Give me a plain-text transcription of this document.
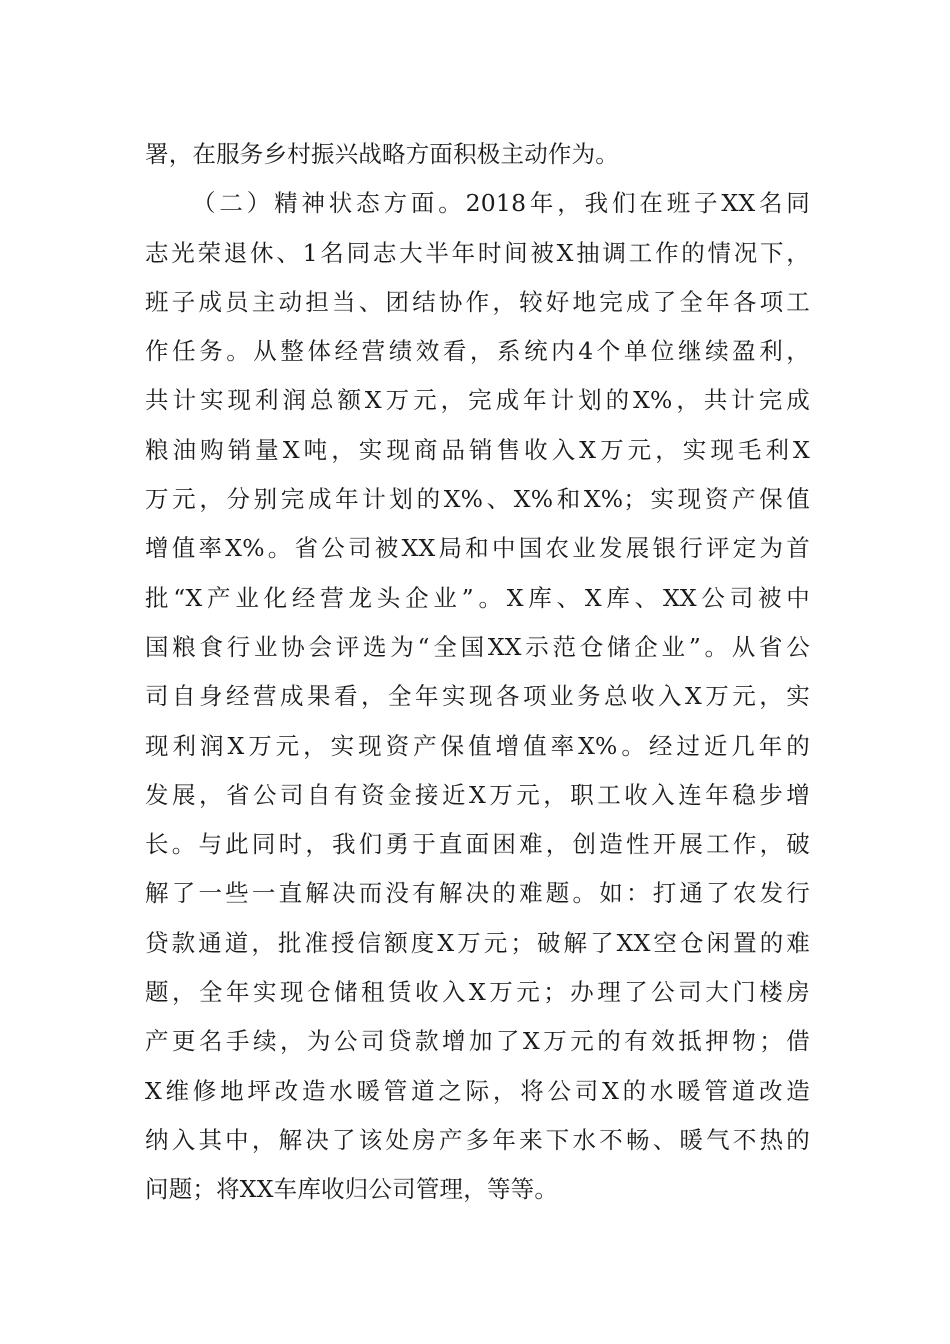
署，在服务乡村振兴战略方面积极主动作为。
（二）精神状态方面。2018年，我们在班子XX名同
志光荣退休、1名同志大半年时间被X抽调工作的情况下，
班子成员主动担当、团结协作，较好地完成了全年各项工
作任务。从整体经营绩效看，系统内4个单位继续盈利，
共计实现利润总额X万元，完成年计划的X%，共计完成
粮油购销量X吨，实现商品销售收入X万元，实现毛利X
万元，分别完成年计划的X%、X%和X%；实现资产保值
增值率X%。省公司被XX局和中国农业发展银行评定为首
批“X产业化经营龙头企业”。X库、X库、XX公司被中
国粮食行业协会评选为“全国XX示范仓储企业”。从省公
司自身经营成果看，全年实现各项业务总收入X万元，实
现利润X万元，实现资产保值增值率X%。经过近几年的
发展，省公司自有资金接近X万元，职工收入连年稳步增
长。与此同时，我们勇于直面困难，创造性开展工作，破
解了一些一直解决而没有解决的难题。如：打通了农发行
贷款通道，批准授信额度X万元；破解了XX空仓闲置的难
题，全年实现仓储租赁收入X万元；办理了公司大门楼房
产更名手续，为公司贷款增加了X万元的有效抵押物；借
X维修地坪改造水暖管道之际，将公司X的水暖管道改造
纳入其中，解决了该处房产多年来下水不畅、暖气不热的
问题；将XX车库收归公司管理，等等。
